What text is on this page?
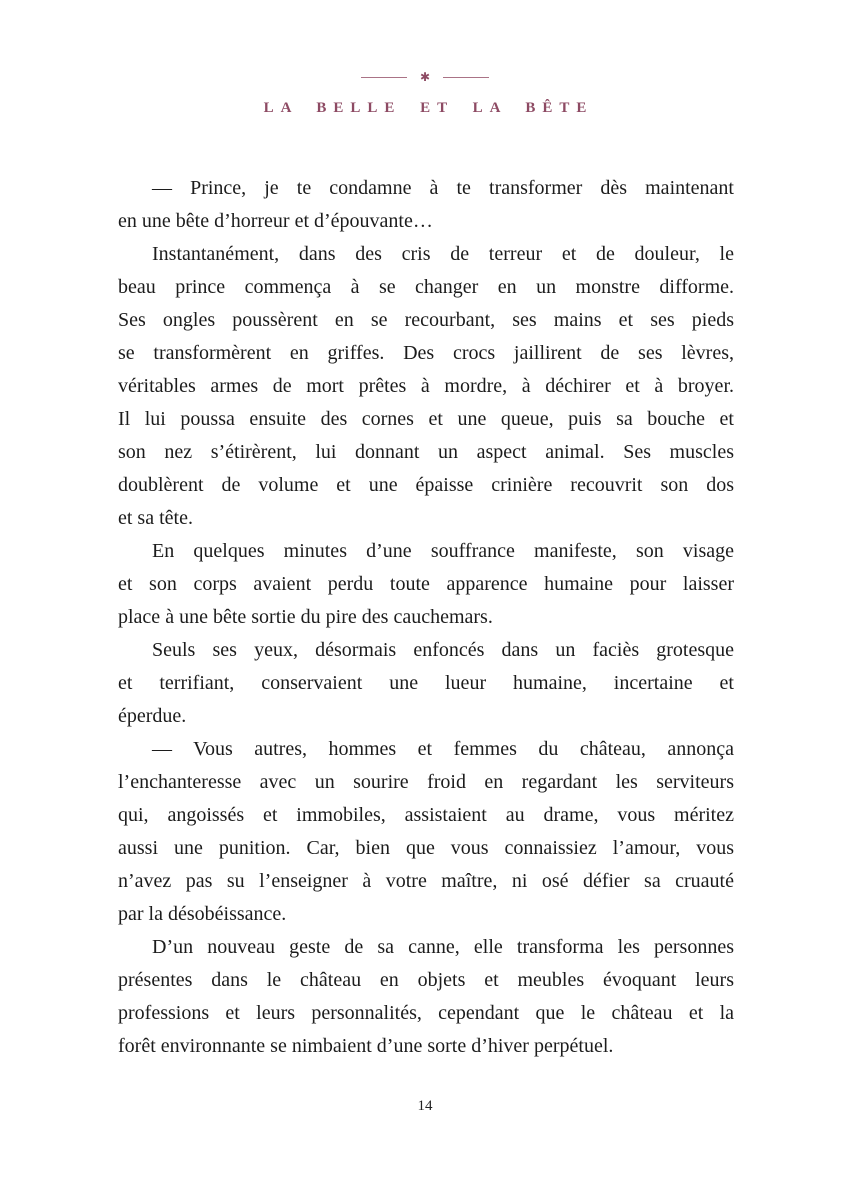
✱
LA BELLE ET LA BÊTE
— Prince, je te condamne à te transformer dès maintenant
en une bête d’horreur et d’épouvante…
Instantanément, dans des cris de terreur et de douleur, le
beau prince commença à se changer en un monstre difforme.
Ses ongles poussèrent en se recourbant, ses mains et ses pieds
se transformèrent en griffes. Des crocs jaillirent de ses lèvres,
véritables armes de mort prêtes à mordre, à déchirer et à broyer.
Il lui poussa ensuite des cornes et une queue, puis sa bouche et
son nez s’étirèrent, lui donnant un aspect animal. Ses muscles
doublèrent de volume et une épaisse crinière recouvrit son dos
et sa tête.
En quelques minutes d’une souffrance manifeste, son visage
et son corps avaient perdu toute apparence humaine pour laisser
place à une bête sortie du pire des cauchemars.
Seuls ses yeux, désormais enfoncés dans un faciès grotesque
et terrifiant, conservaient une lueur humaine, incertaine et
éperdue.
— Vous autres, hommes et femmes du château, annonça
l’enchanteresse avec un sourire froid en regardant les serviteurs
qui, angoissés et immobiles, assistaient au drame, vous méritez
aussi une punition. Car, bien que vous connaissiez l’amour, vous
n’avez pas su l’enseigner à votre maître, ni osé défier sa cruauté
par la désobéissance.
D’un nouveau geste de sa canne, elle transforma les personnes
présentes dans le château en objets et meubles évoquant leurs
professions et leurs personnalités, cependant que le château et la
forêt environnante se nimbaient d’une sorte d’hiver perpétuel.
14
